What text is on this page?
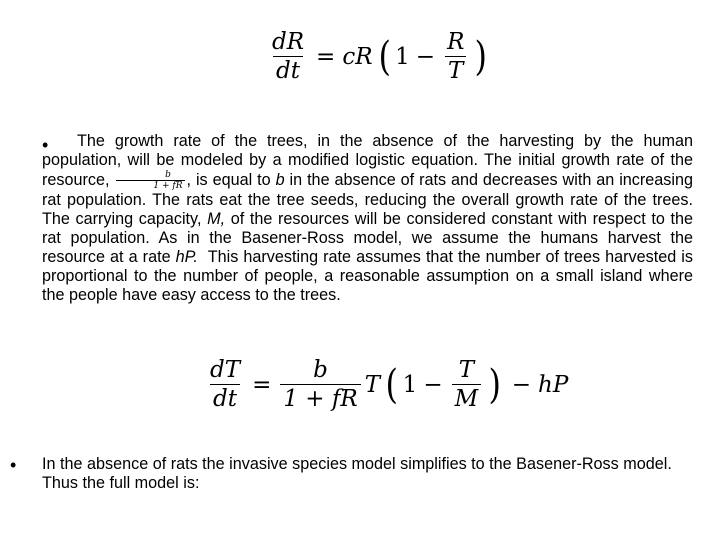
$\frac{dR}{dt}$ = cR ( $1 - \frac{R}{T}$ )
•	The growth rate of the trees, in the absence of the harvesting by the human population, will be modeled by a modified logistic equation. The initial growth rate of the resource, $\frac{b}{1 + fR}$ , is equal to b in the absence of rats and decreases with an increasing rat population. The rats eat the tree seeds, reducing the overall growth rate of the trees. The carrying capacity, M, of the resources will be considered constant with respect to the rat population. As in the Basener-Ross model, we assume the humans harvest the resource at a rate hP. This harvesting rate assumes that the number of trees harvested is proportional to the number of people, a reasonable assumption on a small island where the people have easy access to the trees.
$\frac{dT}{dt} = \frac{b}{1 + fR}$ T ( $1 - \frac{T}{M}$ ) − hP
• In the absence of rats the invasive species model simplifies to the Basener-Ross model. Thus the full model is:
